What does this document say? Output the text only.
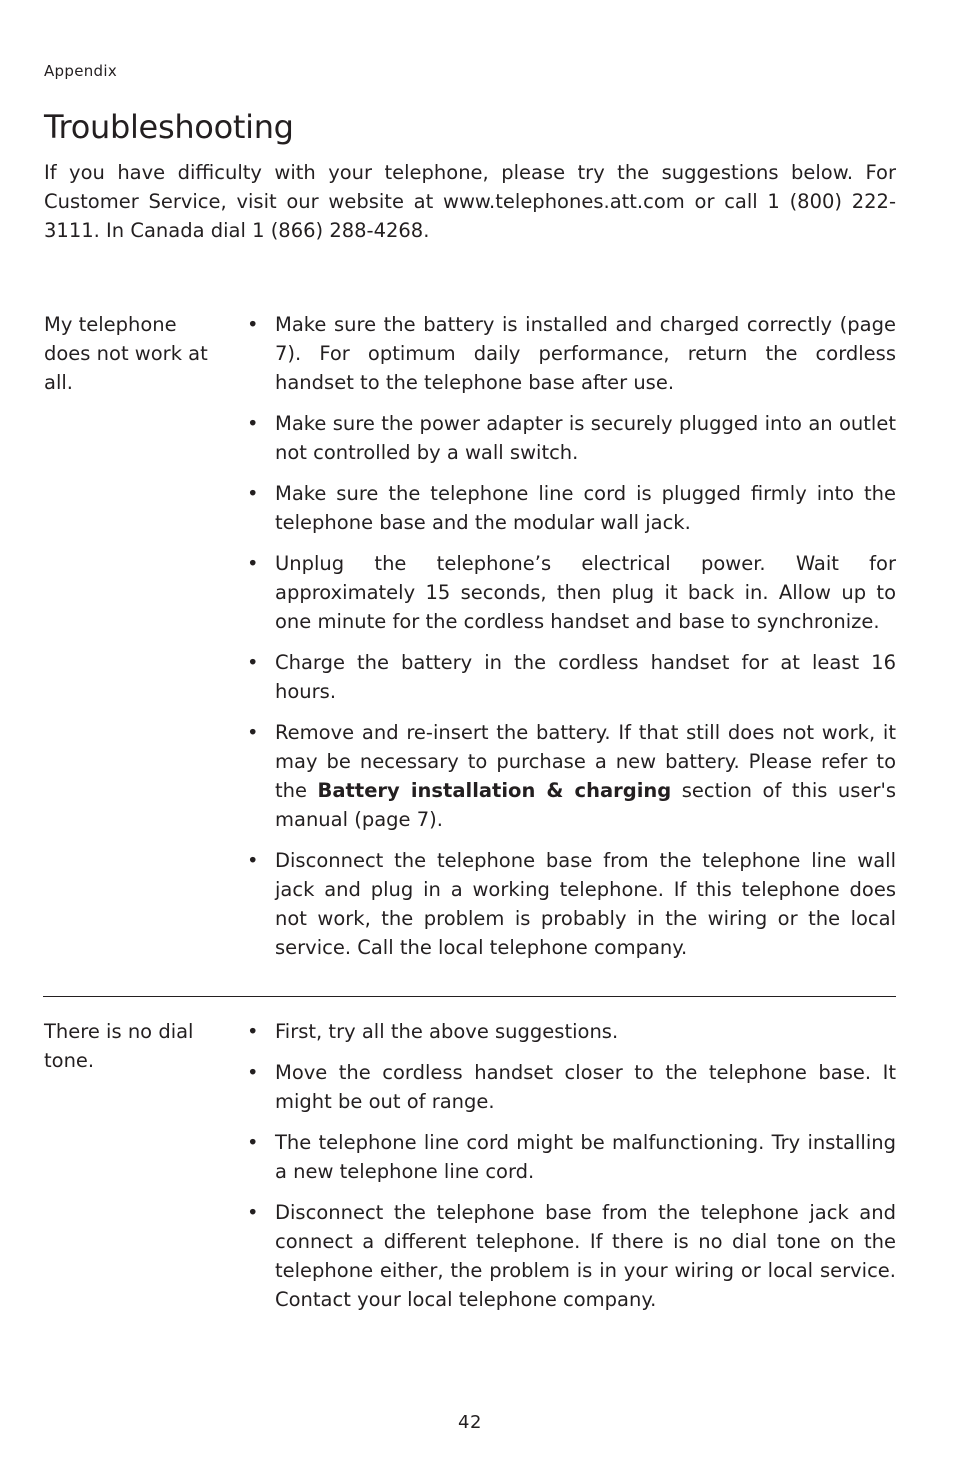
Appendix
Troubleshooting

If you have difficulty with your telephone, please try the suggestions below. For Customer Service, visit our website at www.telephones.att.com or call 1 (800) 222-3111. In Canada dial 1 (866) 288-4268.

My telephone does not work at all.

• Make sure the battery is installed and charged correctly (page 7). For optimum daily performance, return the cordless handset to the telephone base after use.
• Make sure the power adapter is securely plugged into an outlet not controlled by a wall switch.
• Make sure the telephone line cord is plugged firmly into the telephone base and the modular wall jack.
• Unplug the telephone’s electrical power. Wait for approximately 15 seconds, then plug it back in. Allow up to one minute for the cordless handset and base to synchronize.
• Charge the battery in the cordless handset for at least 16 hours.
• Remove and re-insert the battery. If that still does not work, it may be necessary to purchase a new battery. Please refer to the Battery installation & charging section of this user's manual (page 7).
• Disconnect the telephone base from the telephone line wall jack and plug in a working telephone. If this telephone does not work, the problem is probably in the wiring or the local service. Call the local telephone company.

There is no dial tone.

• First, try all the above suggestions.
• Move the cordless handset closer to the telephone base. It might be out of range.
• The telephone line cord might be malfunctioning. Try installing a new telephone line cord.
• Disconnect the telephone base from the telephone jack and connect a different telephone. If there is no dial tone on the telephone either, the problem is in your wiring or local service. Contact your local telephone company.
42
